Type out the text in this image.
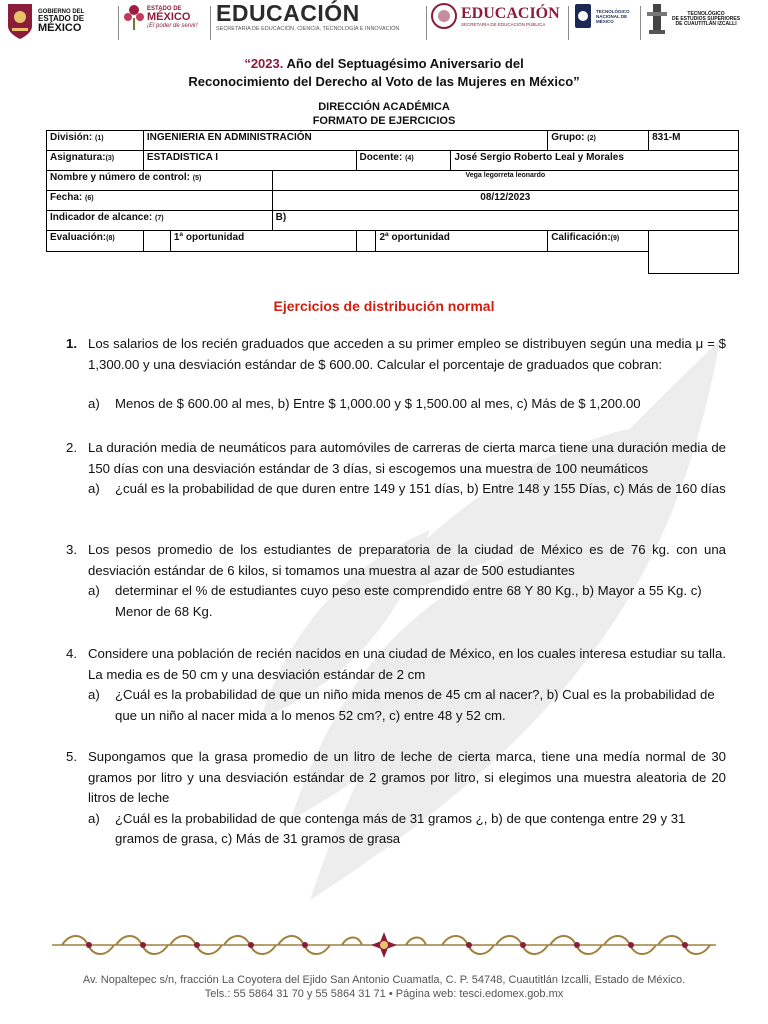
GOBIERNO DEL
ESTADO DE
MÉXICO
ESTADO DE
MÉXICO
¡El poder de servir! EDUCACIÓN
SECRETARÍA DE EDUCACIÓN, CIENCIA, TECNOLOGÍA E INNOVACIÓN
EDUCACIÓN
SECRETARÍA DE EDUCACIÓN PÚBLICA
TECNOLÓGICO NACIONAL DE MÉXICO
TECNOLÓGICO
DE ESTUDIOS SUPERIORES
DE CUAUTITLÁN IZCALLI
“2023. Año del Septuagésimo Aniversario del
Reconocimiento del Derecho al Voto de las Mujeres en México”
DIRECCIÓN ACADÉMICA
FORMATO DE EJERCICIOS
División: (1)	INGENIERIA EN ADMINISTRACIÓN						Grupo: (2)	831-M
Asignatura:(3)	ESTADISTICA I			Docente: (4)		José Sergio Roberto Leal y Morales		
Nombre y número de control: (5)			Vega legorreta leonardo					
Fecha: (6)			08/12/2023					
Indicador de alcance: (7)			B)					
Evaluación:(8)		1ª oportunidad			2ª oportunidad		Calificación:(9)	

Ejercicios de distribución normal
1. Los salarios de los recién graduados que acceden a su primer empleo se distribuyen según una media μ = $ 1,300.00 y una desviación estándar de $ 600.00. Calcular el porcentaje de graduados que cobran:
a) Menos de $ 600.00 al mes, b) Entre $ 1,000.00 y $ 1,500.00 al mes, c) Más de $ 1,200.00
2. La duración media de neumáticos para automóviles de carreras de cierta marca tiene una duración media de 150 días con una desviación estándar de 3 días, si escogemos una muestra de 100 neumáticos
a) ¿cuál es la probabilidad de que duren entre 149 y 151 días, b) Entre 148 y 155 Días, c) Más de 160 días
3. Los pesos promedio de los estudiantes de preparatoria de la ciudad de México es de 76 kg. con una desviación estándar de 6 kilos, si tomamos una muestra al azar de 500 estudiantes
a) determinar el % de estudiantes cuyo peso este comprendido entre 68 Y 80 Kg., b) Mayor a 55 Kg. c) Menor de 68 Kg.
4. Considere una población de recién nacidos en una ciudad de México, en los cuales interesa estudiar su talla. La media es de 50 cm y una desviación estándar de 2 cm
a) ¿Cuál es la probabilidad de que un niño mida menos de 45 cm al nacer?, b) Cual es la probabilidad de que un niño al nacer mida a lo menos 52 cm?, c) entre 48 y 52 cm.
5. Supongamos que la grasa promedio de un litro de leche de cierta marca, tiene una medía normal de 30 gramos por litro y una desviación estándar de 2 gramos por litro, si elegimos una muestra aleatoria de 20 litros de leche
a) ¿Cuál es la probabilidad de que contenga más de 31 gramos ¿, b) de que contenga entre 29 y 31 gramos de grasa, c) Más de 31 gramos de grasa
Av. Nopaltepec s/n, fracción La Coyotera del Ejido San Antonio Cuamatla, C. P. 54748, Cuautitlán Izcalli, Estado de México.
Tels.: 55 5864 31 70 y 55 5864 31 71 • Página web: tesci.edomex.gob.mx
